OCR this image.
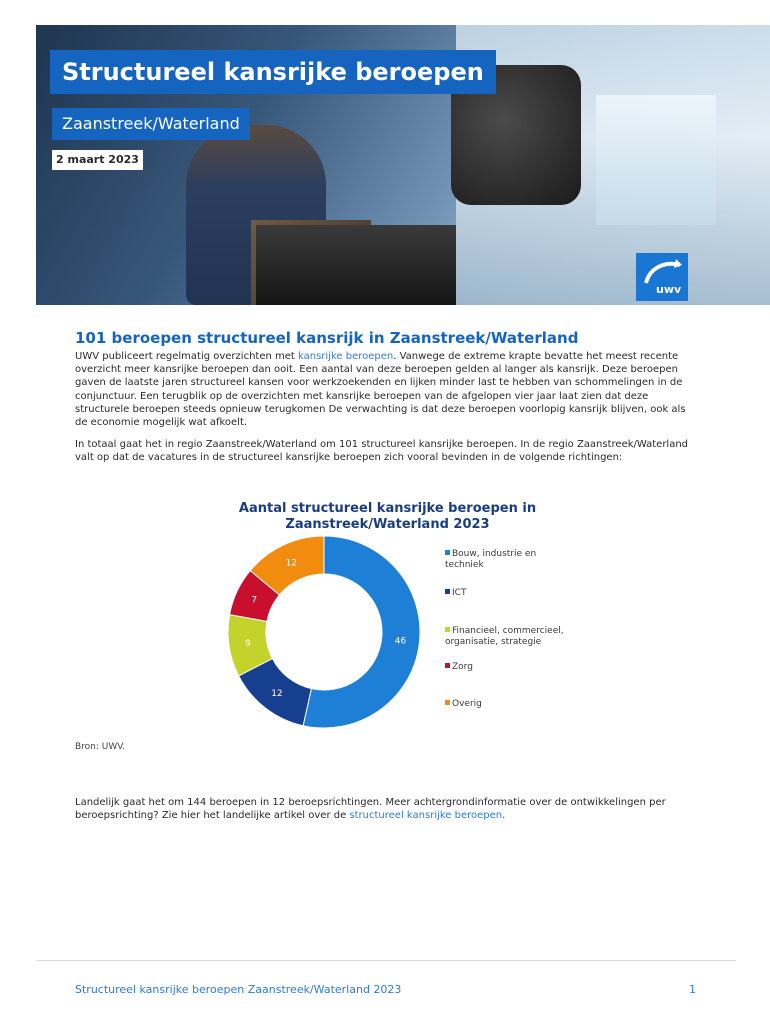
Structureel kansrijke beroepen
Zaanstreek/Waterland
2 maart 2023
uwv
101 beroepen structureel kansrijk in Zaanstreek/Waterland

UWV publiceert regelmatig overzichten met kansrijke beroepen. Vanwege de extreme krapte bevatte het meest recente overzicht meer kansrijke beroepen dan ooit. Een aantal van deze beroepen gelden al langer als kansrijk. Deze beroepen gaven de laatste jaren structureel kansen voor werkzoekenden en lijken minder last te hebben van schommelingen in de conjunctuur. Een terugblik op de overzichten met kansrijke beroepen van de afgelopen vier jaar laat zien dat deze structurele beroepen steeds opnieuw terugkomen De verwachting is dat deze beroepen voorlopig kansrijk blijven, ook als de economie mogelijk wat afkoelt.

In totaal gaat het in regio Zaanstreek/Waterland om 101 structureel kansrijke beroepen. In de regio Zaanstreek/Waterland valt op dat de vacatures in de structureel kansrijke beroepen zich vooral bevinden in de volgende richtingen:

Aantal structureel kansrijke beroepen in Zaanstreek/Waterland 2023
46
12
9
7
12
Bouw, industrie en techniek
ICT
Financieel, commercieel, organisatie, strategie
Zorg
Overig
Bron: UWV.

Landelijk gaat het om 144 beroepen in 12 beroepsrichtingen. Meer achtergrondinformatie over de ontwikkelingen per beroepsrichting? Zie hier het landelijke artikel over de structureel kansrijke beroepen.

Structureel kansrijke beroepen Zaanstreek/Waterland 2023	1
